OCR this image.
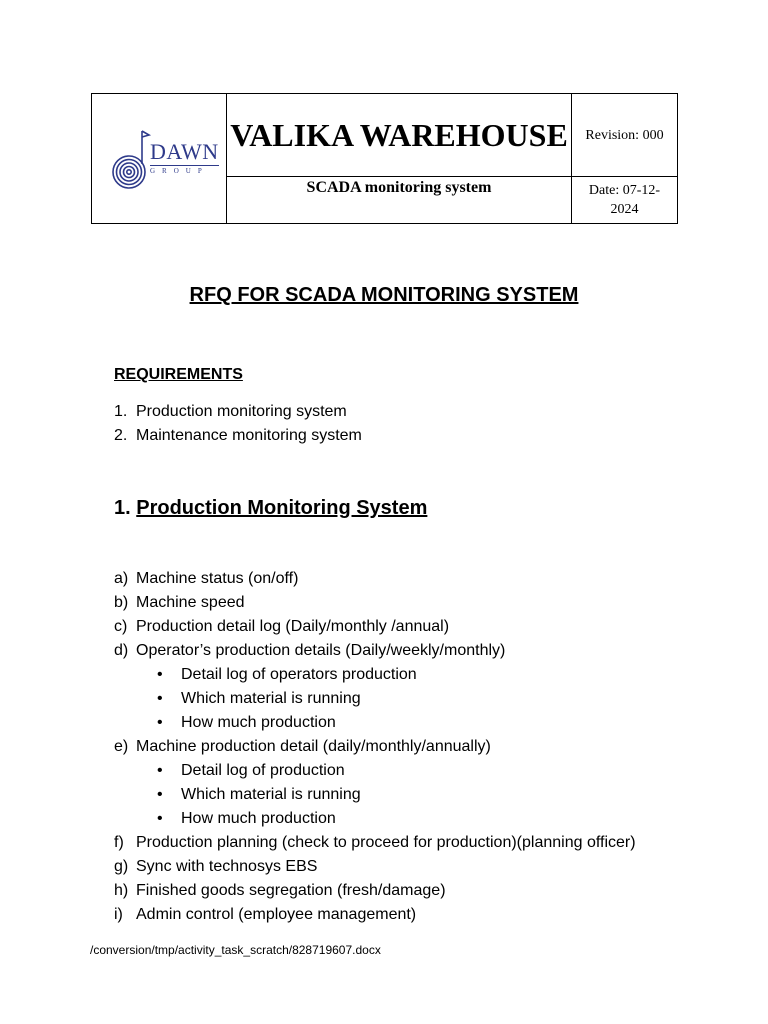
DAWN
GROUP	VALIKA WAREHOUSE	Revision: 000
	SCADA monitoring system	Date: 07-12-
2024
RFQ FOR SCADA MONITORING SYSTEM
REQUIREMENTS
1. Production monitoring system
2. Maintenance monitoring system
1. Production Monitoring System
a) Machine status (on/off)
b) Machine speed
c) Production detail log (Daily/monthly /annual)
d) Operator’s production details (Daily/weekly/monthly)
•	Detail log of operators production
•	Which material is running
•	How much production
e) Machine production detail (daily/monthly/annually)
•	Detail log of production
•	Which material is running
•	How much production
f) Production planning (check to proceed for production)(planning officer)
g) Sync with technosys EBS
h) Finished goods segregation (fresh/damage)
i) Admin control (employee management)
/conversion/tmp/activity_task_scratch/828719607.docx
